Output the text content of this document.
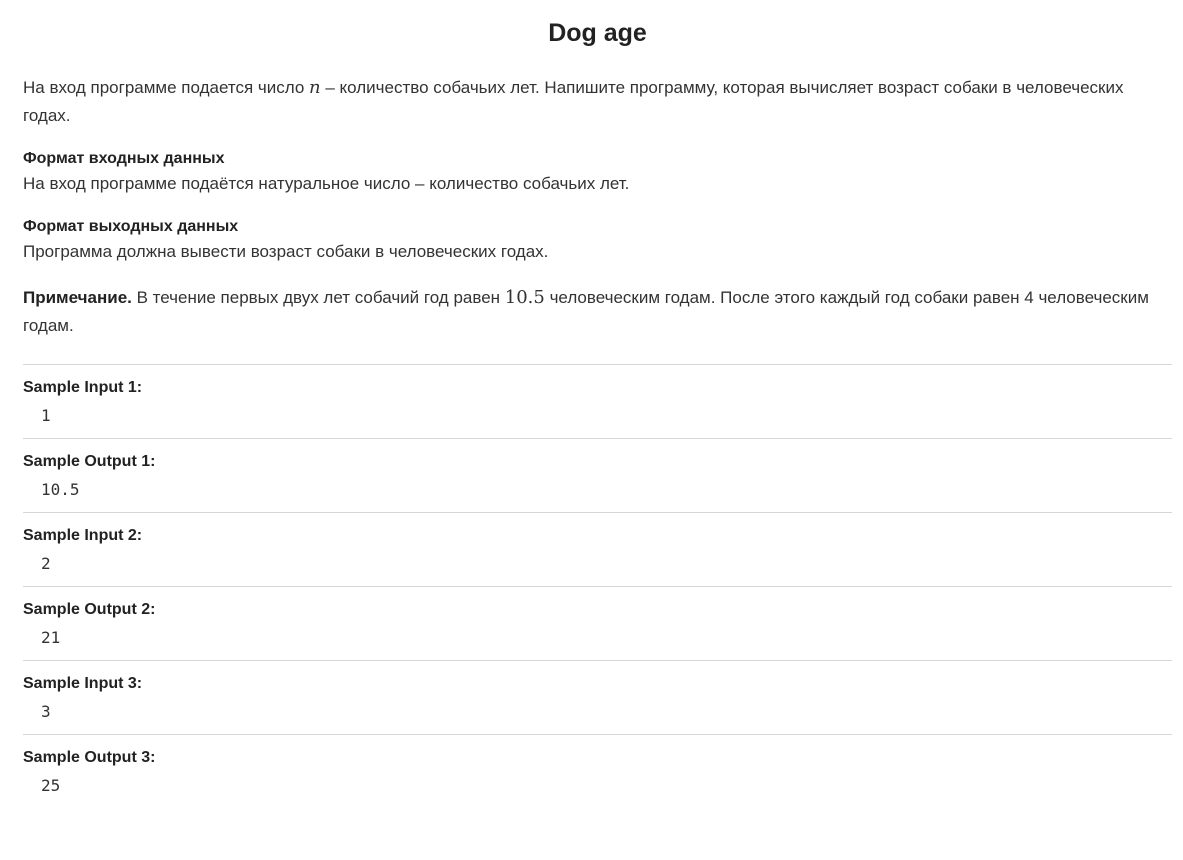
Dog age

На вход программе подается число n – количество собачьих лет. Напишите программу, которая вычисляет возраст собаки в человеческих годах.

Формат входных данных

На вход программе подаётся натуральное число – количество собачьих лет.

Формат выходных данных

Программа должна вывести возраст собаки в человеческих годах.

Примечание. В течение первых двух лет собачий год равен 10.5 человеческим годам. После этого каждый год собаки равен 4 человеческим годам.

Sample Input 1:

1

Sample Output 1:

10.5

Sample Input 2:

2

Sample Output 2:

21

Sample Input 3:

3

Sample Output 3:

25
